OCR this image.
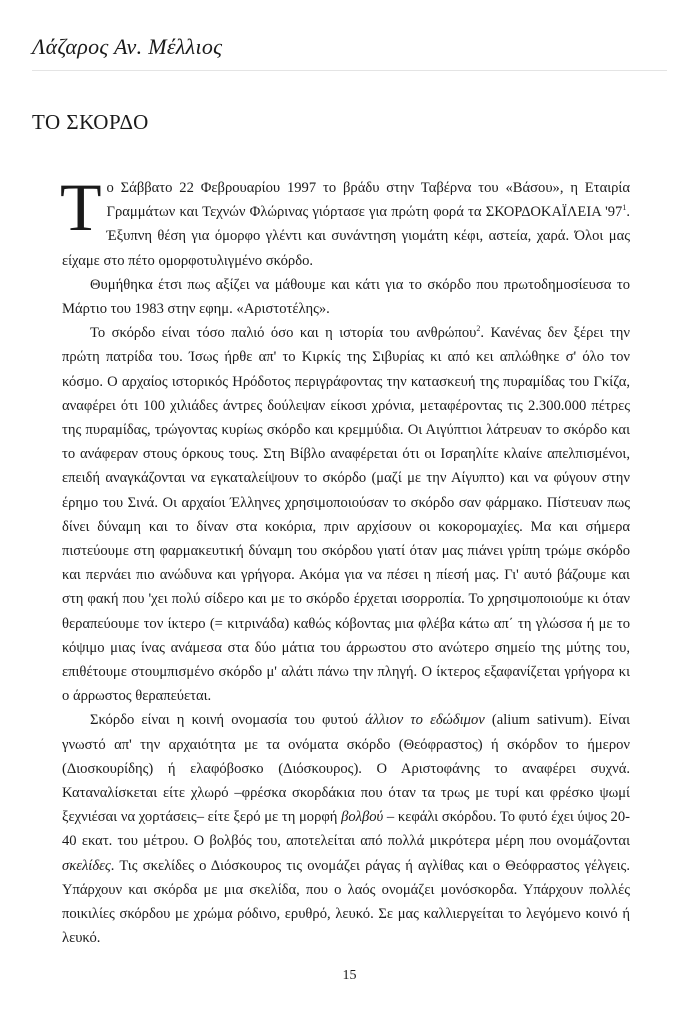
Λάζαρος Αν. Μέλλιος
ΤΟ ΣΚΟΡΔΟ

Το Σάββατο 22 Φεβρουαρίου 1997 το βράδυ στην Ταβέρνα του «Βάσου», η Εταιρία Γραμμάτων και Τεχνών Φλώρινας γιόρτασε για πρώτη φορά τα ΣΚΟΡΔΟΚΑΪΛΕΙΑ '$97^1$. Έξυπνη θέση για όμορφο γλέντι και συνάντηση γιομάτη κέφι, αστεία, χαρά. Όλοι μας είχαμε στο πέτο ομορφοτυλιγμένο σκόρδο.

Θυμήθηκα έτσι πως αξίζει να μάθουμε και κάτι για το σκόρδο που πρωτοδημοσίευσα το Μάρτιο του 1983 στην εφημ. «Αριστοτέλης».

Το σκόρδο είναι τόσο παλιό όσο και η ιστορία του ανθρώπου$^2$. Κανένας δεν ξέρει την πρώτη πατρίδα του. Ίσως ήρθε απ' το Κιρκίς της Σιβυρίας κι από κει απλώθηκε σ' όλο τον κόσμο. Ο αρχαίος ιστορικός Ηρόδοτος περιγράφοντας την κατασκευή της πυραμίδας του Γκίζα, αναφέρει ότι 100 χιλιάδες άντρες δούλεψαν είκοσι χρόνια, μεταφέροντας τις 2.300.000 πέτρες της πυραμίδας, τρώγοντας κυρίως σκόρδο και κρεμμύδια. Οι Αιγύπτιοι λάτρευαν το σκόρδο και το ανάφεραν στους όρκους τους. Στη Βίβλο αναφέρεται ότι οι Ισραηλίτε κλαίνε απελπισμένοι, επειδή αναγκάζονται να εγκαταλείψουν το σκόρδο (μαζί με την Αίγυπτο) και να φύγουν στην έρημο του Σινά. Οι αρχαίοι Έλληνες χρησιμοποιούσαν το σκόρδο σαν φάρμακο. Πίστευαν πως δίνει δύναμη και το δίναν στα κοκόρια, πριν αρχίσουν οι κοκορομαχίες. Μα και σήμερα πιστεύουμε στη φαρμακευτική δύναμη του σκόρδου γιατί όταν μας πιάνει γρίπη τρώμε σκόρδο και περνάει πιο ανώδυνα και γρήγορα. Ακόμα για να πέσει η πίεσή μας. Γι' αυτό βάζουμε και στη φακή που 'χει πολύ σίδερο και με το σκόρδο έρχεται ισορροπία. Το χρησιμοποιούμε κι όταν θεραπεύουμε τον ίκτερο (= κιτρινάδα) καθώς κόβοντας μια φλέβα κάτω απ΄ τη γλώσσα ή με το κόψιμο μιας ίνας ανάμεσα στα δύο μάτια του άρρωστου στο ανώτερο σημείο της μύτης του, επιθέτουμε στουμπισμένο σκόρδο μ' αλάτι πάνω την πληγή. Ο ίκτερος εξαφανίζεται γρήγορα κι ο άρρωστος θεραπεύεται.

Σκόρδο είναι η κοινή ονομασία του φυτού άλλιον το εδώδιμον (alium sativum). Είναι γνωστό απ' την αρχαιότητα με τα ονόματα σκόρδο (Θεόφραστος) ή σκόρδον το ήμερον (Διοσκουρίδης) ή ελαφόβοσκο (Διόσκουρος). Ο Αριστοφάνης το αναφέρει συχνά. Καταναλίσκεται είτε χλωρό –φρέσκα σκορδάκια που όταν τα τρως με τυρί και φρέσκο ψωμί ξεχνιέσαι να χορτάσεις– είτε ξερό με τη μορφή βολβού – κεφάλι σκόρδου. Το φυτό έχει ύψος 20-40 εκατ. του μέτρου. Ο βολβός του, αποτελείται από πολλά μικρότερα μέρη που ονομάζονται σκελίδες. Τις σκελίδες ο Διόσκουρος τις ονομάζει ράγας ή αγλίθας και ο Θεόφραστος γέλγεις. Υπάρχουν και σκόρδα με μια σκελίδα, που ο λαός ονομάζει μονόσκορδα. Υπάρχουν πολλές ποικιλίες σκόρδου με χρώμα ρόδινο, ερυθρό, λευκό. Σε μας καλλιεργείται το λεγόμενο κοινό ή λευκό.

15
